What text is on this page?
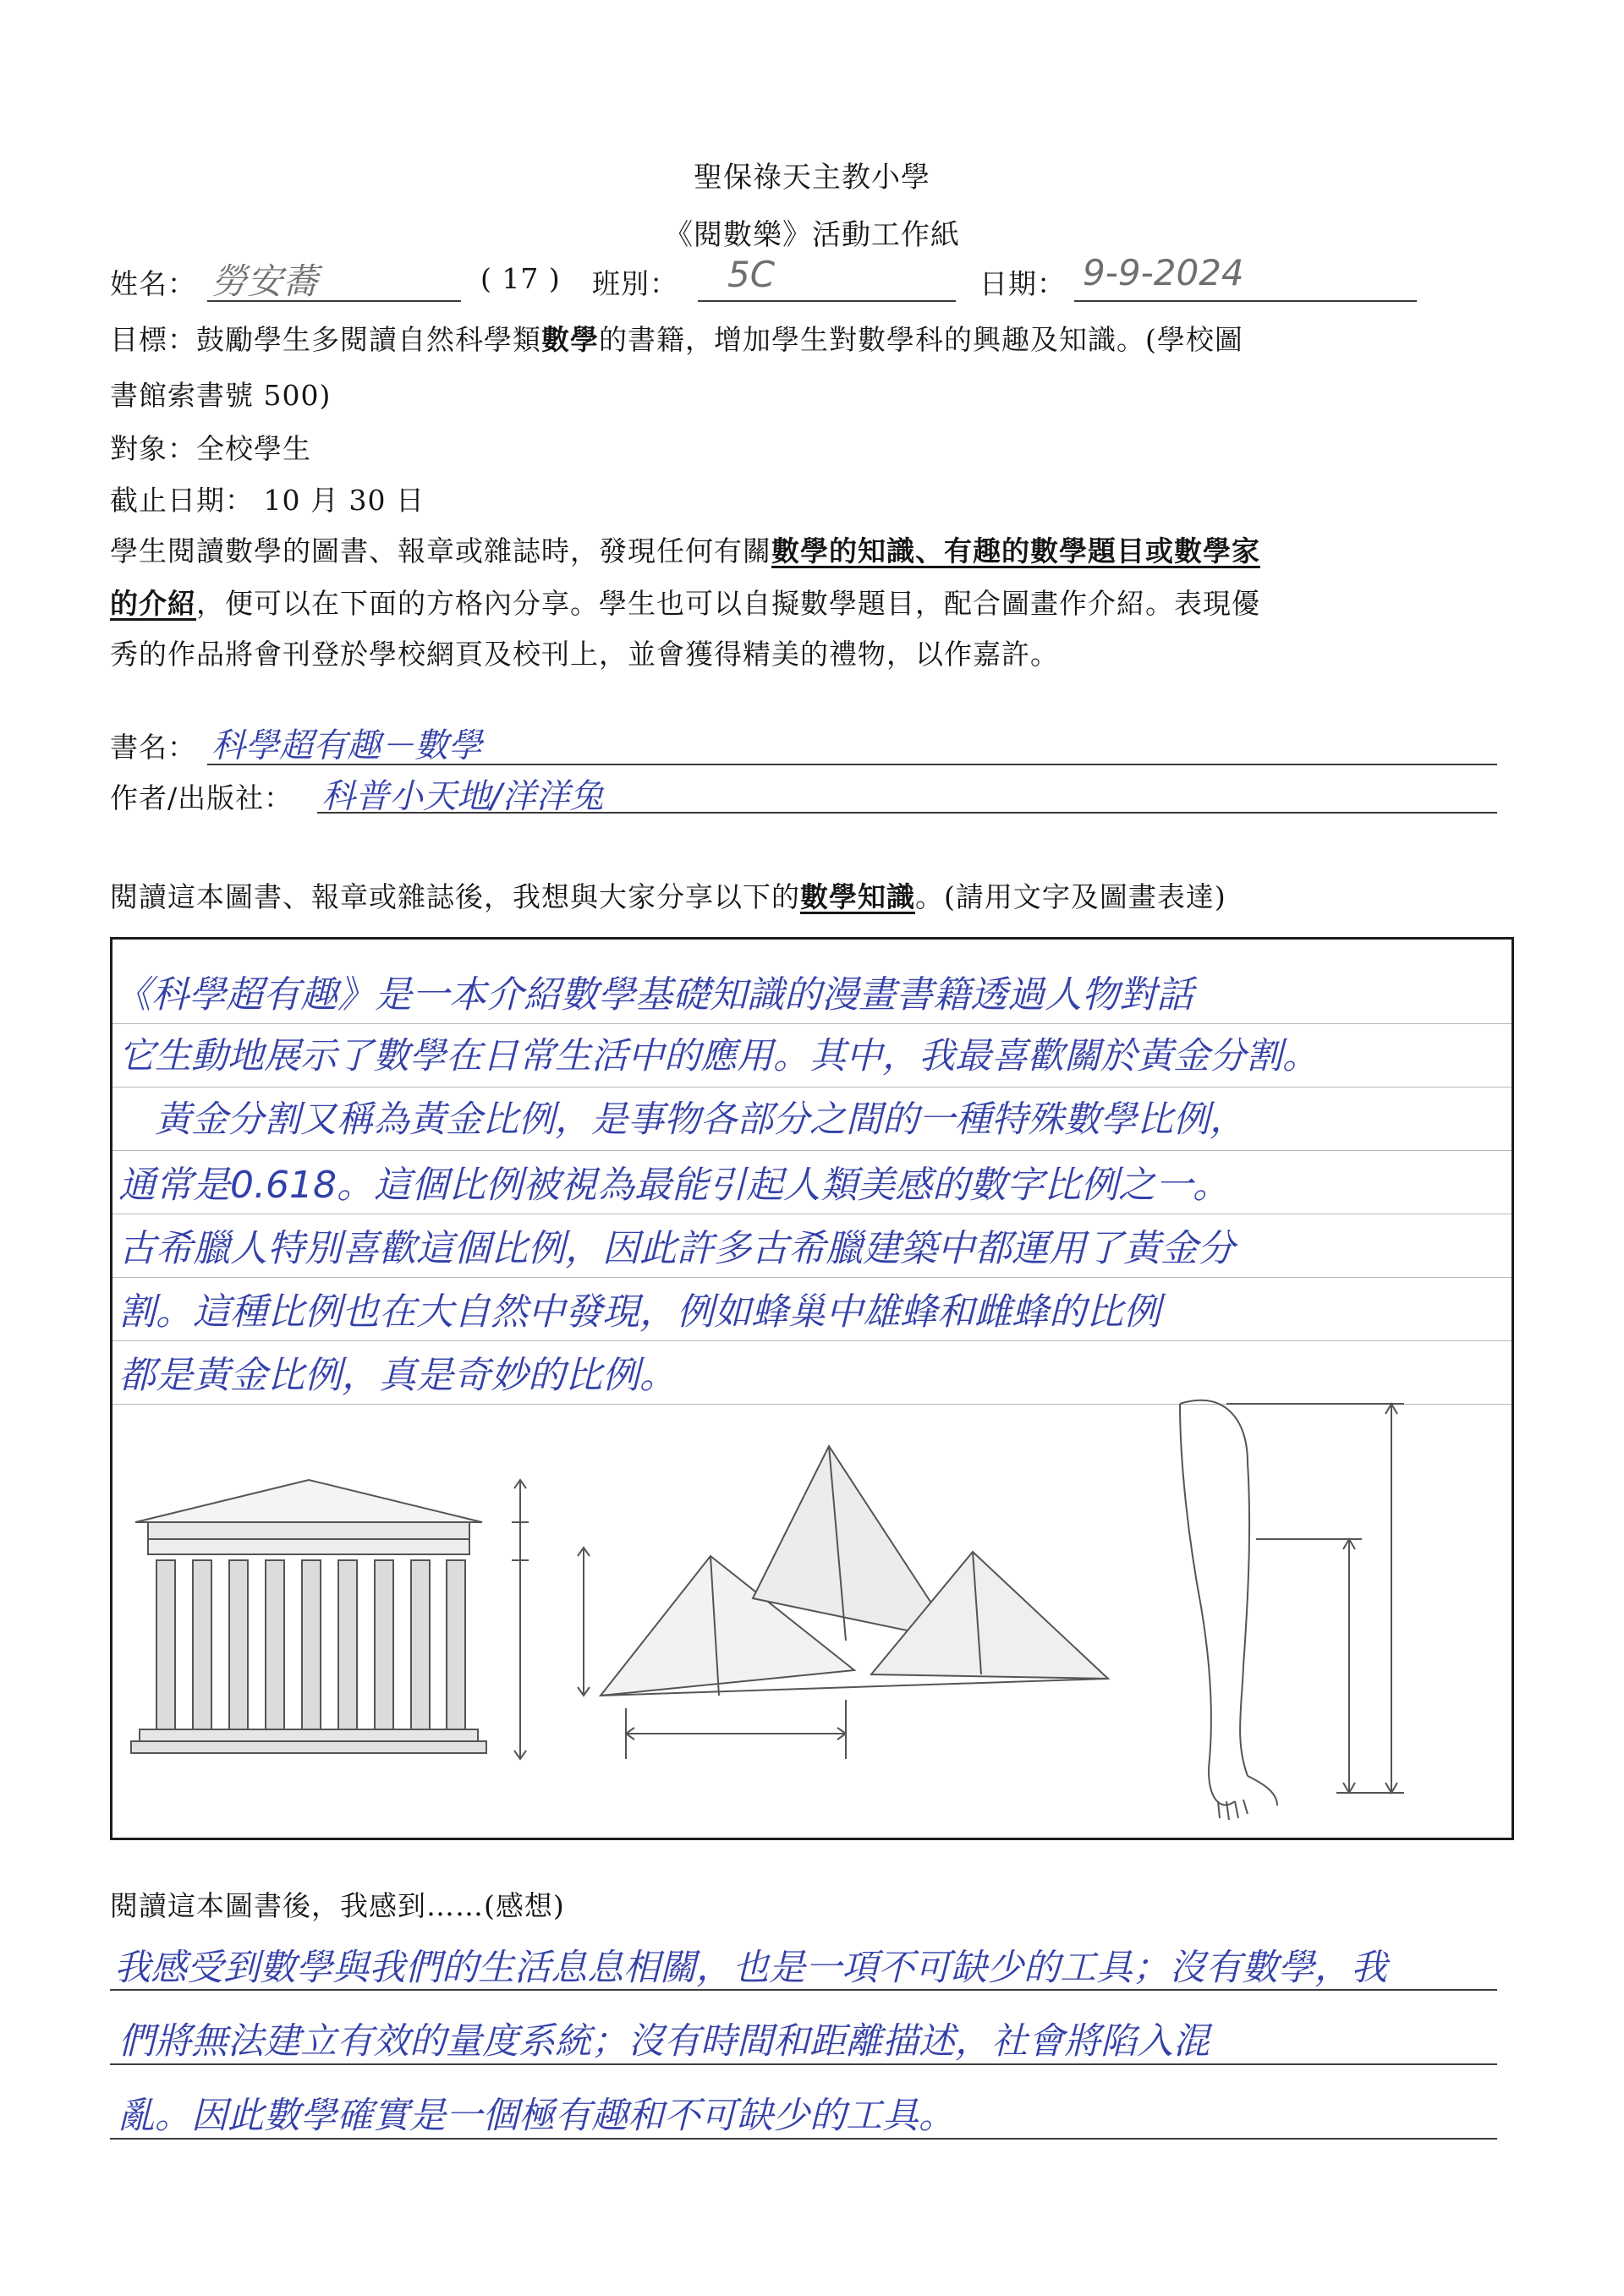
聖保祿天主教小學
《閱數樂》活動工作紙
姓名： 勞安蕎	( 17 ) 班別： 5C	日期： 9-9-2024
目標：鼓勵學生多閱讀自然科學類數學的書籍，增加學生對數學科的興趣及知識。(學校圖
書館索書號 500)
對象：全校學生
截止日期： 10 月 30 日
學生閱讀數學的圖書、報章或雜誌時，發現任何有關數學的知識、有趣的數學題目或數學家
的介紹，便可以在下面的方格內分享。學生也可以自擬數學題目，配合圖畫作介紹。表現優
秀的作品將會刊登於學校網頁及校刊上，並會獲得精美的禮物，以作嘉許。
書名： 科學超有趣－數學
作者/出版社： 科普小天地/洋洋兔
閱讀這本圖書、報章或雜誌後，我想與大家分享以下的數學知識。(請用文字及圖畫表達)
《科學超有趣》是一本介紹數學基礎知識的漫畫書籍透過人物對話
它生動地展示了數學在日常生活中的應用。其中，我最喜歡關於黃金分割。
　黃金分割又稱為黃金比例，是事物各部分之間的一種特殊數學比例，
通常是0.618。這個比例被視為最能引起人類美感的數字比例之一。
古希臘人特別喜歡這個比例，因此許多古希臘建築中都運用了黃金分
割。這種比例也在大自然中發現，例如蜂巢中雄蜂和雌蜂的比例
都是黃金比例，真是奇妙的比例。
閱讀這本圖書後，我感到……(感想)
我感受到數學與我們的生活息息相關，也是一項不可缺少的工具；沒有數學，我
們將無法建立有效的量度系統；沒有時間和距離描述，社會將陷入混
亂。因此數學確實是一個極有趣和不可缺少的工具。
